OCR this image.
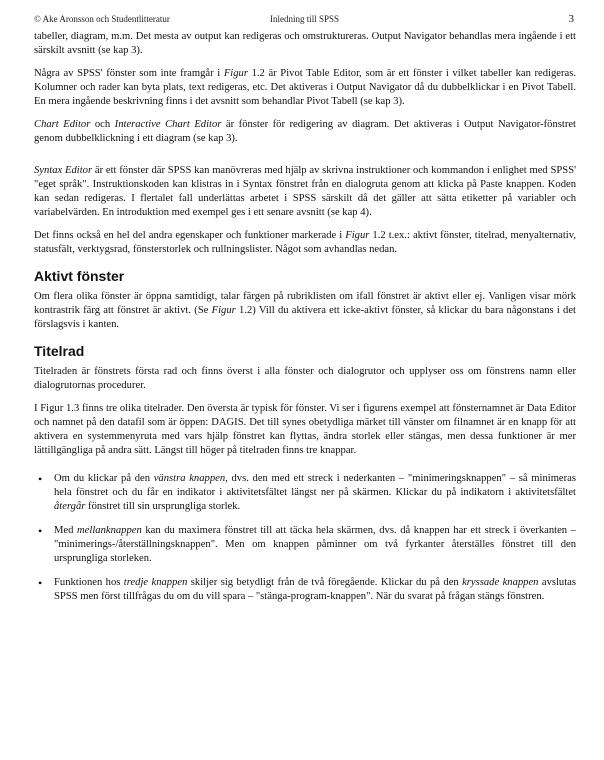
© Ake Aronsson och Studentlitteratur	Inledning till SPSS	3

tabeller, diagram, m.m. Det mesta av output kan redigeras och omstruktureras. Output Navigator behandlas mera ingående i ett särskilt avsnitt (se kap 3).

Några av SPSS' fönster som inte framgår i Figur 1.2 är Pivot Table Editor, som är ett fönster i vilket tabeller kan redigeras. Kolumner och rader kan byta plats, text redigeras, etc. Det aktiveras i Output Navigator då du dubbelklickar i en Pivot Tabell. En mera ingående beskrivning finns i det avsnitt som behandlar Pivot Tabell (se kap 3).

Chart Editor och Interactive Chart Editor är fönster för redigering av diagram. Det aktiveras i Output Navigator-fönstret genom dubbelklickning i ett diagram (se kap 3).

Syntax Editor är ett fönster där SPSS kan manövreras med hjälp av skrivna instruktioner och kommandon i enlighet med SPSS' "eget språk". Instruktionskoden kan klistras in i Syntax fönstret från en dialogruta genom att klicka på Paste knappen. Koden kan sedan redigeras. I flertalet fall underlättas arbetet i SPSS särskilt då det gäller att sätta etiketter på variabler och variabelvärden. En introduktion med exempel ges i ett senare avsnitt (se kap 4).

Det finns också en hel del andra egenskaper och funktioner markerade i Figur 1.2 t.ex.: aktivt fönster, titelrad, menyalternativ, statusfält, verktygsrad, fönsterstorlek och rullningslister. Något som avhandlas nedan.

Aktivt fönster

Om flera olika fönster är öppna samtidigt, talar färgen på rubriklisten om ifall fönstret är aktivt eller ej. Vanligen visar mörk kontrastrik färg att fönstret är aktivt. (Se Figur 1.2) Vill du aktivera ett icke-aktivt fönster, så klickar du bara någonstans i det förslagsvis i kanten.

Titelrad

Titelraden är fönstrets första rad och finns överst i alla fönster och dialogrutor och upplyser oss om fönstrens namn eller dialogrutornas procedurer.

I Figur 1.3 finns tre olika titelrader. Den översta är typisk för fönster. Vi ser i figurens exempel att fönsternamnet är Data Editor och namnet på den datafil som är öppen: DAGIS. Det till synes obetydliga märket till vänster om filnamnet är en knapp för att aktivera en systemmenyruta med vars hjälp fönstret kan flyttas, ändra storlek eller stängas, men dessa funktioner är mer lättillgängliga på andra sätt. Längst till höger på titelraden finns tre knappar.

• Om du klickar på den vänstra knappen, dvs. den med ett streck i nederkanten – "minimeringsknappen" – så minimeras hela fönstret och du får en indikator i aktivitetsfältet längst ner på skärmen. Klickar du på indikatorn i aktivitetsfältet återgår fönstret till sin ursprungliga storlek.
• Med mellanknappen kan du maximera fönstret till att täcka hela skärmen, dvs. då knappen har ett streck i överkanten – "minimerings-/återställningsknappen". Men om knappen påminner om två fyrkanter återställes fönstret till den ursprungliga storleken.
• Funktionen hos tredje knappen skiljer sig betydligt från de två föregående. Klickar du på den kryssade knappen avslutas SPSS men först tillfrågas du om du vill spara – "stänga-program-knappen". När du svarat på frågan stängs fönstren.
